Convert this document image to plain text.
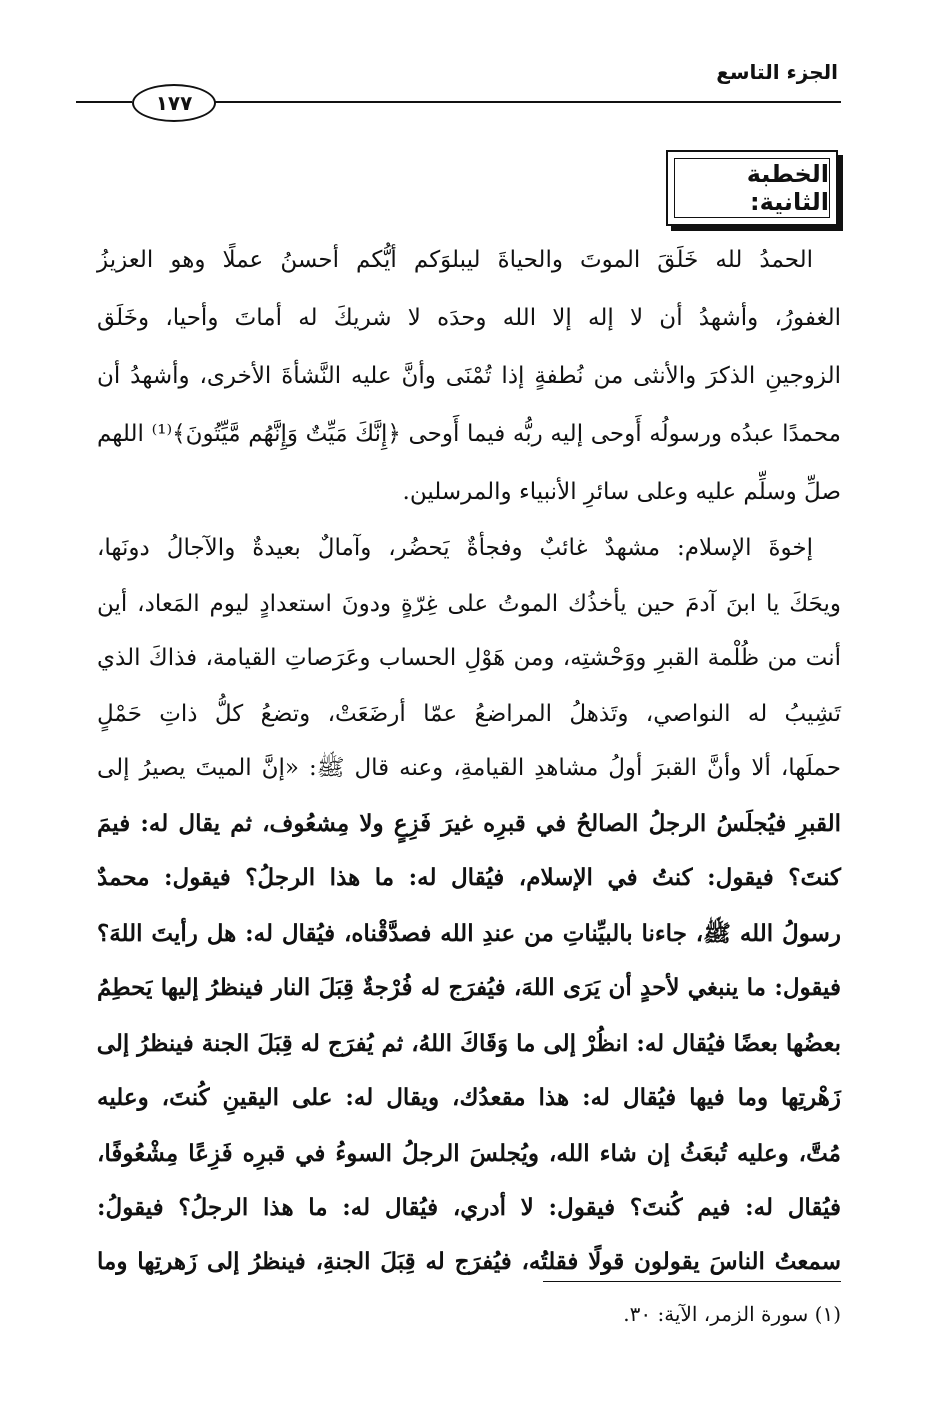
الجزء التاسع
١٧٧
الخطبة الثانية:
الحمدُ لله خَلَقَ الموتَ والحياةَ ليبلوَكم أيُّكم أحسنُ عملًا وهو العزيزُ
الغفورُ، وأشهدُ أن لا إله إلا الله وحدَه لا شريكَ له أماتَ وأحيا، وخَلَق
الزوجينِ الذكرَ والأنثى من نُطفةٍ إذا تُمْنَى وأنَّ عليه النَّشأةَ الأخرى، وأشهدُ أن
محمدًا عبدُه ورسولُه أَوحى إليه ربُّه فيما أَوحى ﴿إِنَّكَ مَيِّتٌ وَإِنَّهُم مَّيِّتُونَ﴾⁽¹⁾ اللهم
صلِّ وسلِّم عليه وعلى سائرِ الأنبياء والمرسلين.
إخوةَ الإسلام: مشهدٌ غائبٌ وفجأةٌ يَحضُر، وآمالٌ بعيدةٌ والآجالُ دونَها،
ويحَكَ يا ابنَ آدمَ حين يأخذُك الموتُ على غِرّةٍ ودونَ استعدادٍ ليوم المَعاد، أين
أنت من ظُلْمة القبرِ ووَحْشتِه، ومن هَوْلِ الحساب وعَرَصاتِ القيامة، فذاكَ الذي
تَشِيبُ له النواصي، وتَذهلُ المراضعُ عمّا أرضَعَتْ، وتضعُ كلُّ ذاتِ حَمْلٍ
حملَها، ألا وأنَّ القبرَ أولُ مشاهدِ القيامةِ، وعنه قال ﷺ: «إنَّ الميتَ يصيرُ إلى
القبرِ فيُجلَسُ الرجلُ الصالحُ في قبرِه غيرَ فَزِعٍ ولا مِشعُوف، ثم يقال له: فيمَ
كنتَ؟ فيقول: كنتُ في الإسلام، فيُقال له: ما هذا الرجلُ؟ فيقول: محمدٌ
رسولُ الله ﷺ، جاءنا بالبيِّناتِ من عندِ الله فصدَّقْناه، فيُقال له: هل رأيتَ اللهَ؟
فيقول: ما ينبغي لأحدٍ أن يَرَى اللهَ، فيُفرَج له فُرْجةٌ قِبَلَ النار فينظرُ إليها يَحطِمُ
بعضُها بعضًا فيُقال له: انظُرْ إلى ما وَقَاكَ اللهُ، ثم يُفرَج له قِبَلَ الجنة فينظرُ إلى
زَهْرتِها وما فيها فيُقال له: هذا مقعدُك، ويقال له: على اليقينِ كُنتَ، وعليه
مُتَّ، وعليه تُبعَثُ إن شاء الله، ويُجلسَ الرجلُ السوءُ في قبرِه فَزِعًا مِشْعُوفًا،
فيُقال له: فيم كُنتَ؟ فيقول: لا أدري، فيُقال له: ما هذا الرجلُ؟ فيقولُ:
سمعتُ الناسَ يقولون قولًا فقلتُه، فيُفرَج له قِبَلَ الجنةِ، فينظرُ إلى زَهرتِها وما
(١) سورة الزمر، الآية: ٣٠.
